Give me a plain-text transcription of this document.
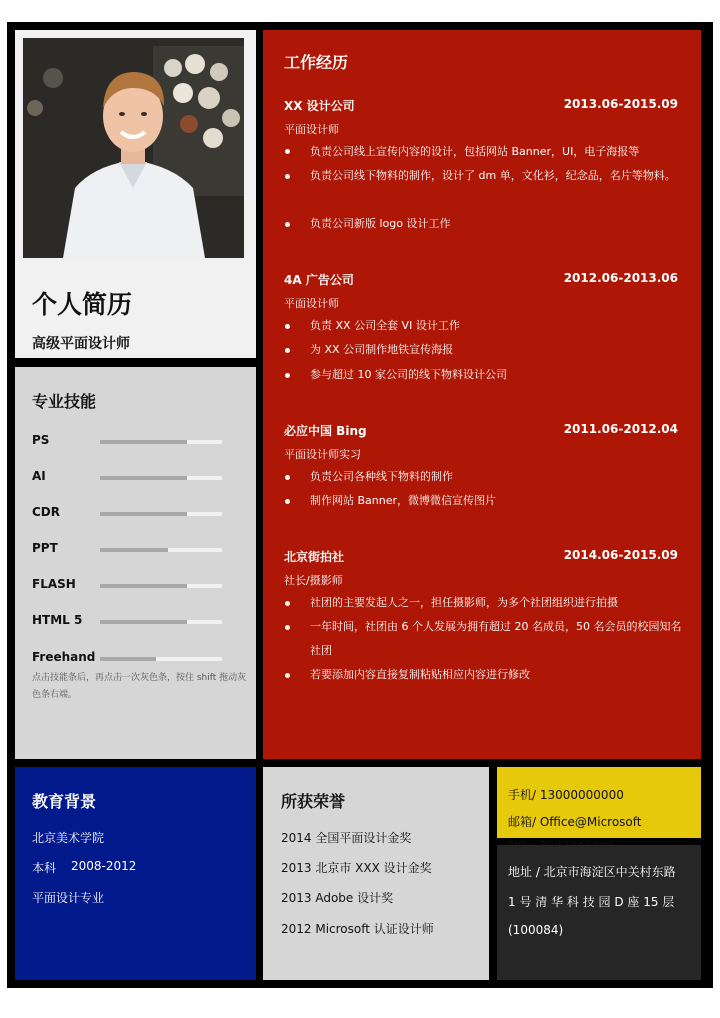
个人简历
高级平面设计师
专业技能
PS
AI
CDR
PPT
FLASH
HTML 5
Freehand
点击技能条后，再点击一次灰色条，按住 shift 拖动灰色条右端。
工作经历
XX 设计公司	2013.06-2015.09
平面设计师
负责公司线上宣传内容的设计，包括网站 Banner，UI，电子海报等
负责公司线下物料的制作，设计了 dm 单，文化衫，纪念品，名片等物料。
负责公司新版 logo 设计工作
4A 广告公司	2012.06-2013.06
平面设计师
负责 XX 公司全套 VI 设计工作
为 XX 公司制作地铁宣传海报
参与超过 10 家公司的线下物料设计公司
必应中国 Bing	2011.06-2012.04
平面设计师实习
负责公司各种线下物料的制作
制作网站 Banner，微博微信宣传图片
北京街拍社	2014.06-2015.09
社长/摄影师
社团的主要发起人之一，担任摄影师，为多个社团组织进行拍摄
一年时间，社团由 6 个人发展为拥有超过 20 名成员，50 名会员的校园知名社团
若要添加内容直接复制粘贴相应内容进行修改
教育背景
北京美术学院
本科 2008-2012
平面设计专业
所获荣誉
2014 全国平面设计金奖
2013 北京市 XXX 设计金奖
2013 Adobe 设计奖
2012 Microsoft 认证设计师
手机/ 13000000000
邮箱/ Office@Microsoft
地址 / 北京市海淀区中关村东路
1 号 清 华 科 技 园 D 座 15 层
(100084)
